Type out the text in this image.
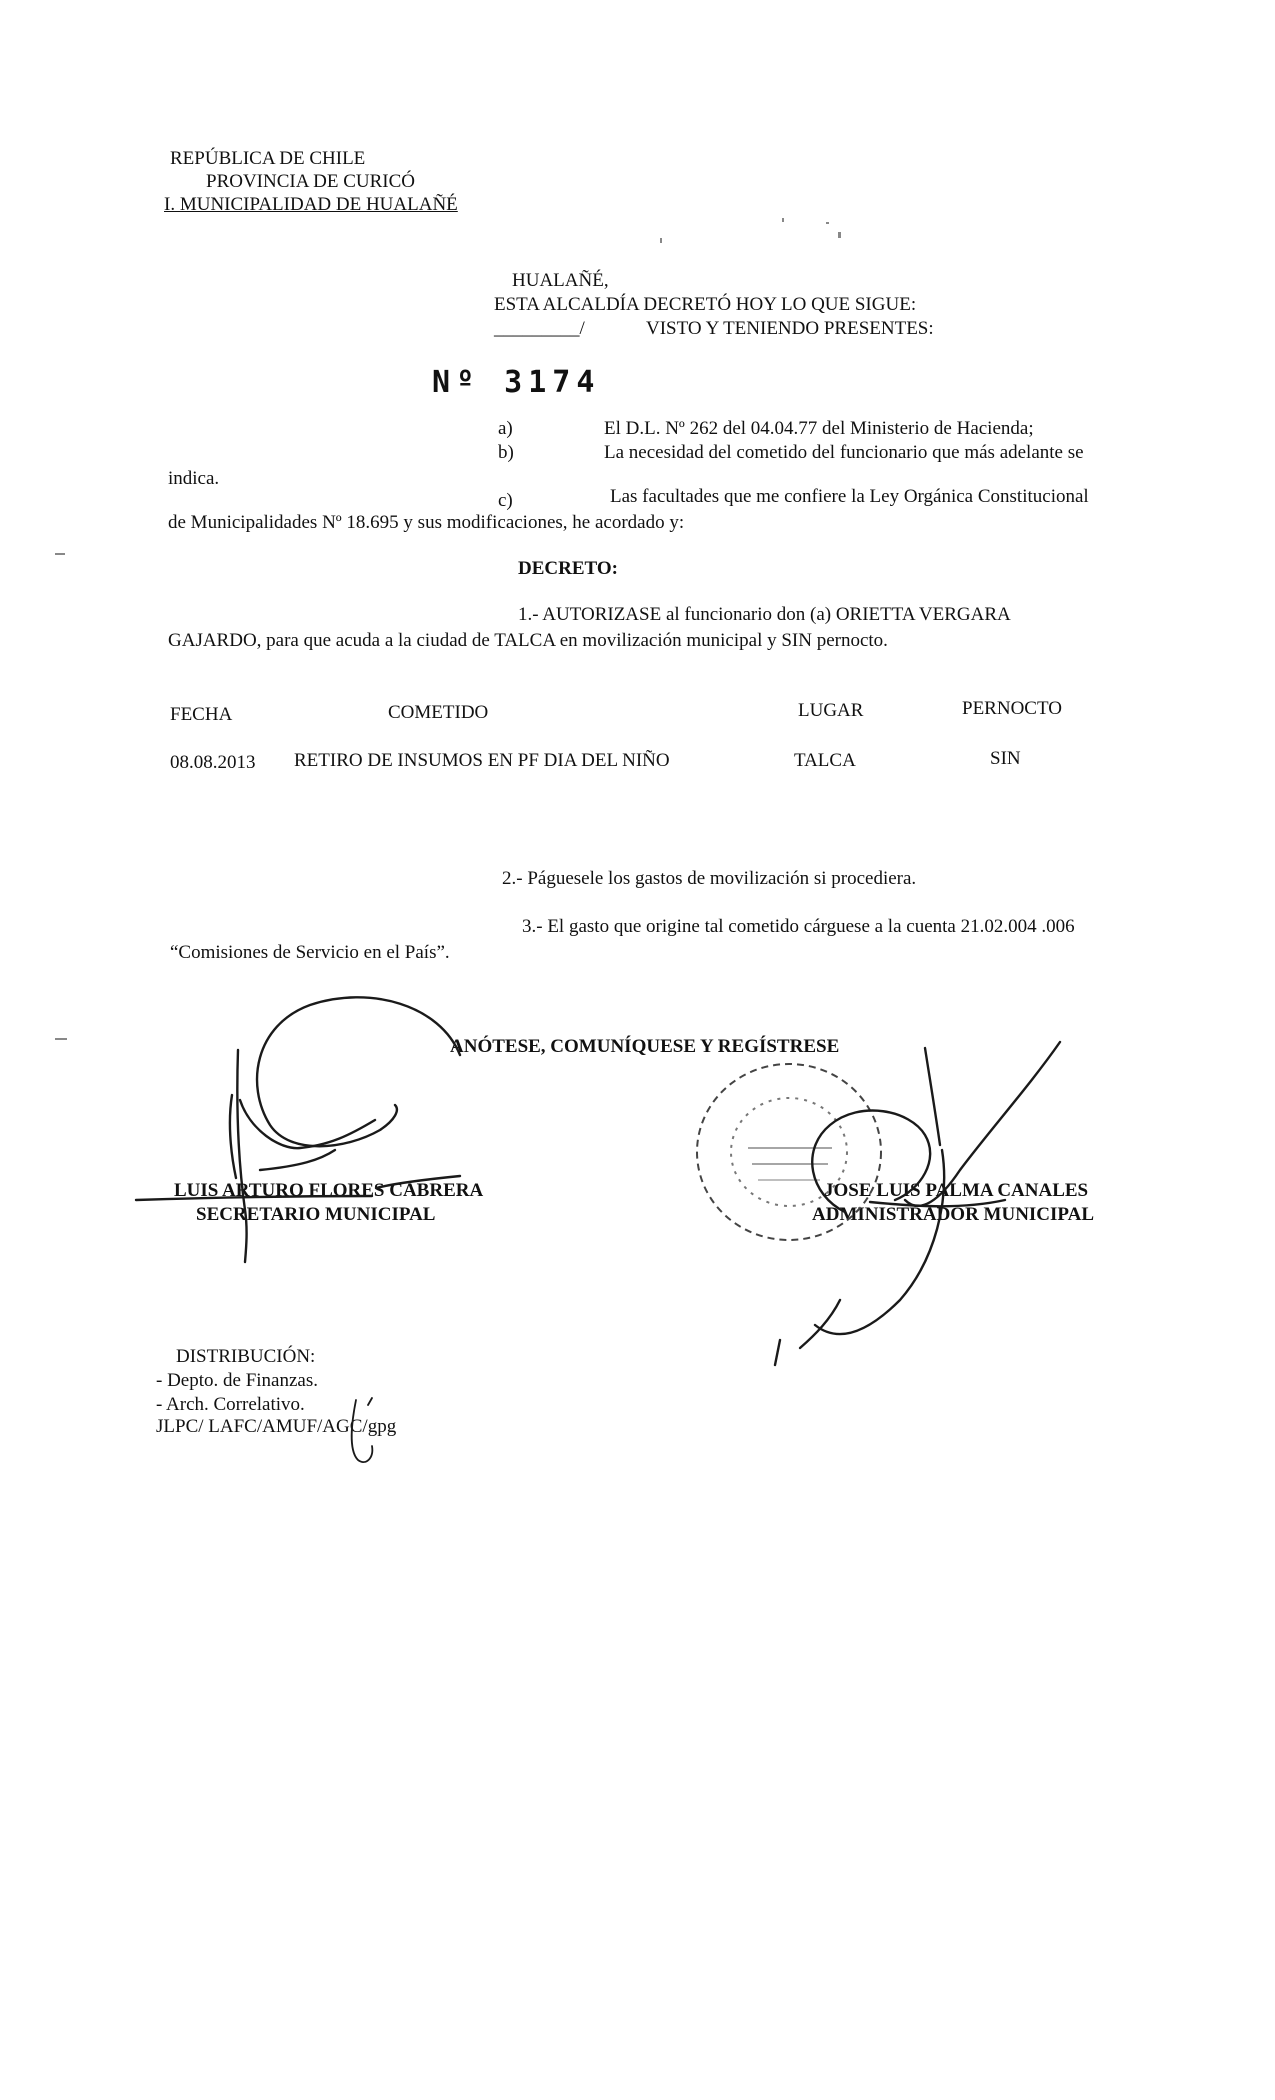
REPÚBLICA DE CHILE
PROVINCIA DE CURICÓ
I. MUNICIPALIDAD DE HUALAÑÉ
HUALAÑÉ,
ESTA ALCALDÍA DECRETÓ HOY LO QUE SIGUE:
_________/	VISTO Y TENIENDO PRESENTES:
Nº 3174
a)	El D.L. Nº 262 del 04.04.77 del Ministerio de Hacienda;
b)	La necesidad del cometido del funcionario que más adelante se
indica.
c)	Las facultades que me confiere la Ley Orgánica Constitucional
de Municipalidades Nº 18.695 y sus modificaciones, he acordado y:
DECRETO:
1.- AUTORIZASE al funcionario don (a) ORIETTA VERGARA
GAJARDO, para que acuda a la ciudad de TALCA en movilización municipal y SIN pernocto.
FECHA	COMETIDO	LUGAR	PERNOCTO
08.08.2013 RETIRO DE INSUMOS EN PF DIA DEL NIÑO	TALCA	SIN
2.- Páguesele los gastos de movilización si procediera.
3.- El gasto que origine tal cometido cárguese a la cuenta 21.02.004 .006
“Comisiones de Servicio en el País”.
ANÓTESE, COMUNÍQUESE Y REGÍSTRESE
LUIS ARTURO FLORES CABRERA
SECRETARIO MUNICIPAL
JOSE LUIS PALMA CANALES
ADMINISTRADOR MUNICIPAL
DISTRIBUCIÓN:
- Depto. de Finanzas.
- Arch. Correlativo.
JLPC/ LAFC/AMUF/AGC/gpg
